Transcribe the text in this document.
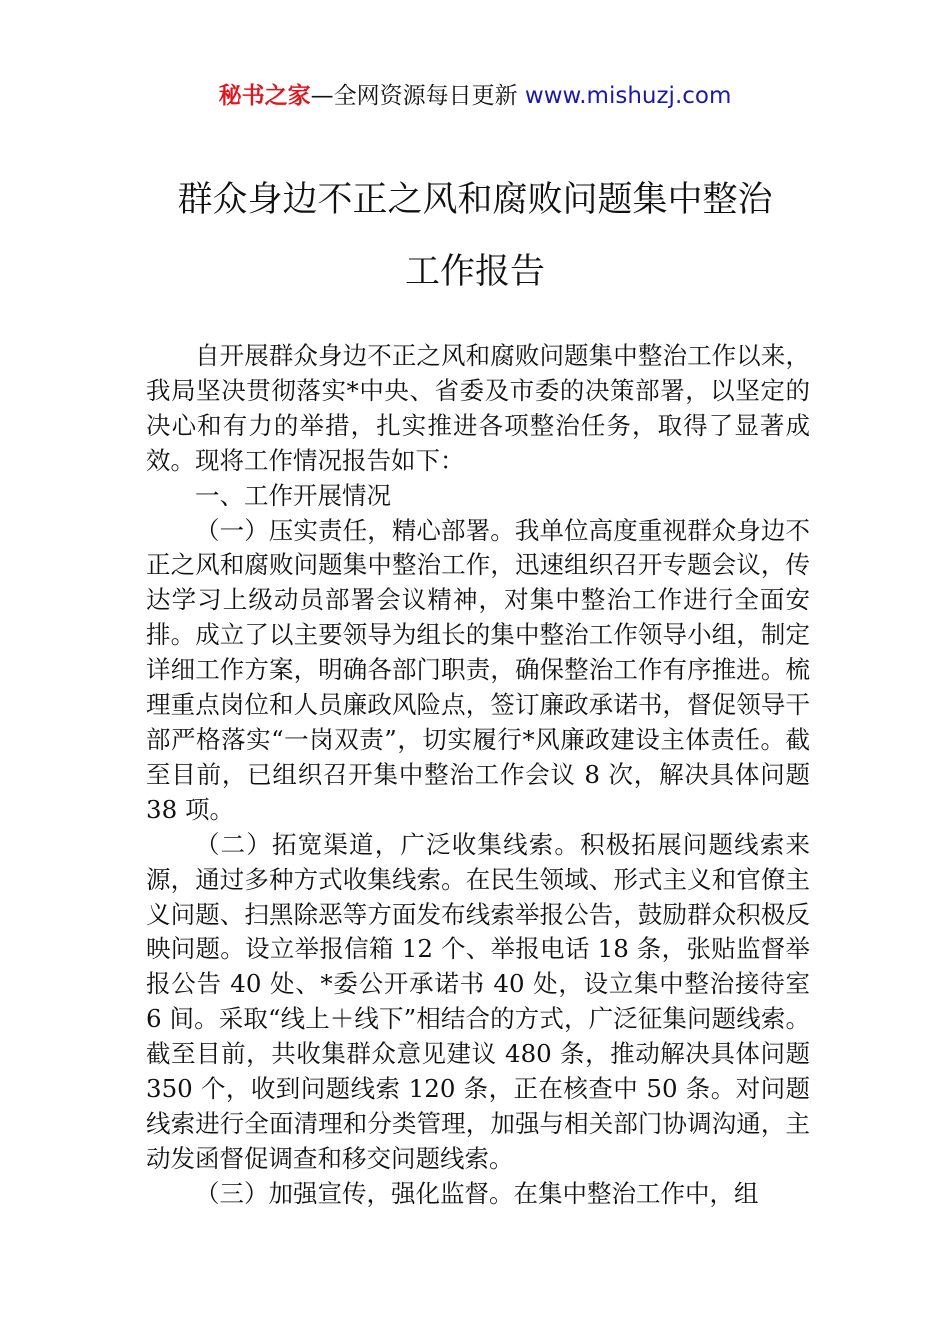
秘书之家—全网资源每日更新 www.mishuzj.com
群众身边不正之风和腐败问题集中整治
工作报告

自开展群众身边不正之风和腐败问题集中整治工作以来，我局坚决贯彻落实*中央、省委及市委的决策部署，以坚定的决心和有力的举措，扎实推进各项整治任务，取得了显著成效。现将工作情况报告如下：

一、工作开展情况

（一）压实责任，精心部署。我单位高度重视群众身边不正之风和腐败问题集中整治工作，迅速组织召开专题会议，传达学习上级动员部署会议精神，对集中整治工作进行全面安排。成立了以主要领导为组长的集中整治工作领导小组，制定详细工作方案，明确各部门职责，确保整治工作有序推进。梳理重点岗位和人员廉政风险点，签订廉政承诺书，督促领导干部严格落实“一岗双责”，切实履行*风廉政建设主体责任。截至目前，已组织召开集中整治工作会议 8 次，解决具体问题 38 项。

（二）拓宽渠道，广泛收集线索。积极拓展问题线索来源，通过多种方式收集线索。在民生领域、形式主义和官僚主义问题、扫黑除恶等方面发布线索举报公告，鼓励群众积极反映问题。设立举报信箱 12 个、举报电话 18 条，张贴监督举报公告 40 处、*委公开承诺书 40 处，设立集中整治接待室 6 间。采取“线上＋线下”相结合的方式，广泛征集问题线索。截至目前，共收集群众意见建议 480 条，推动解决具体问题 350 个，收到问题线索 120 条，正在核查中 50 条。对问题线索进行全面清理和分类管理，加强与相关部门协调沟通，主动发函督促调查和移交问题线索。

（三）加强宣传，强化监督。在集中整治工作中，组
